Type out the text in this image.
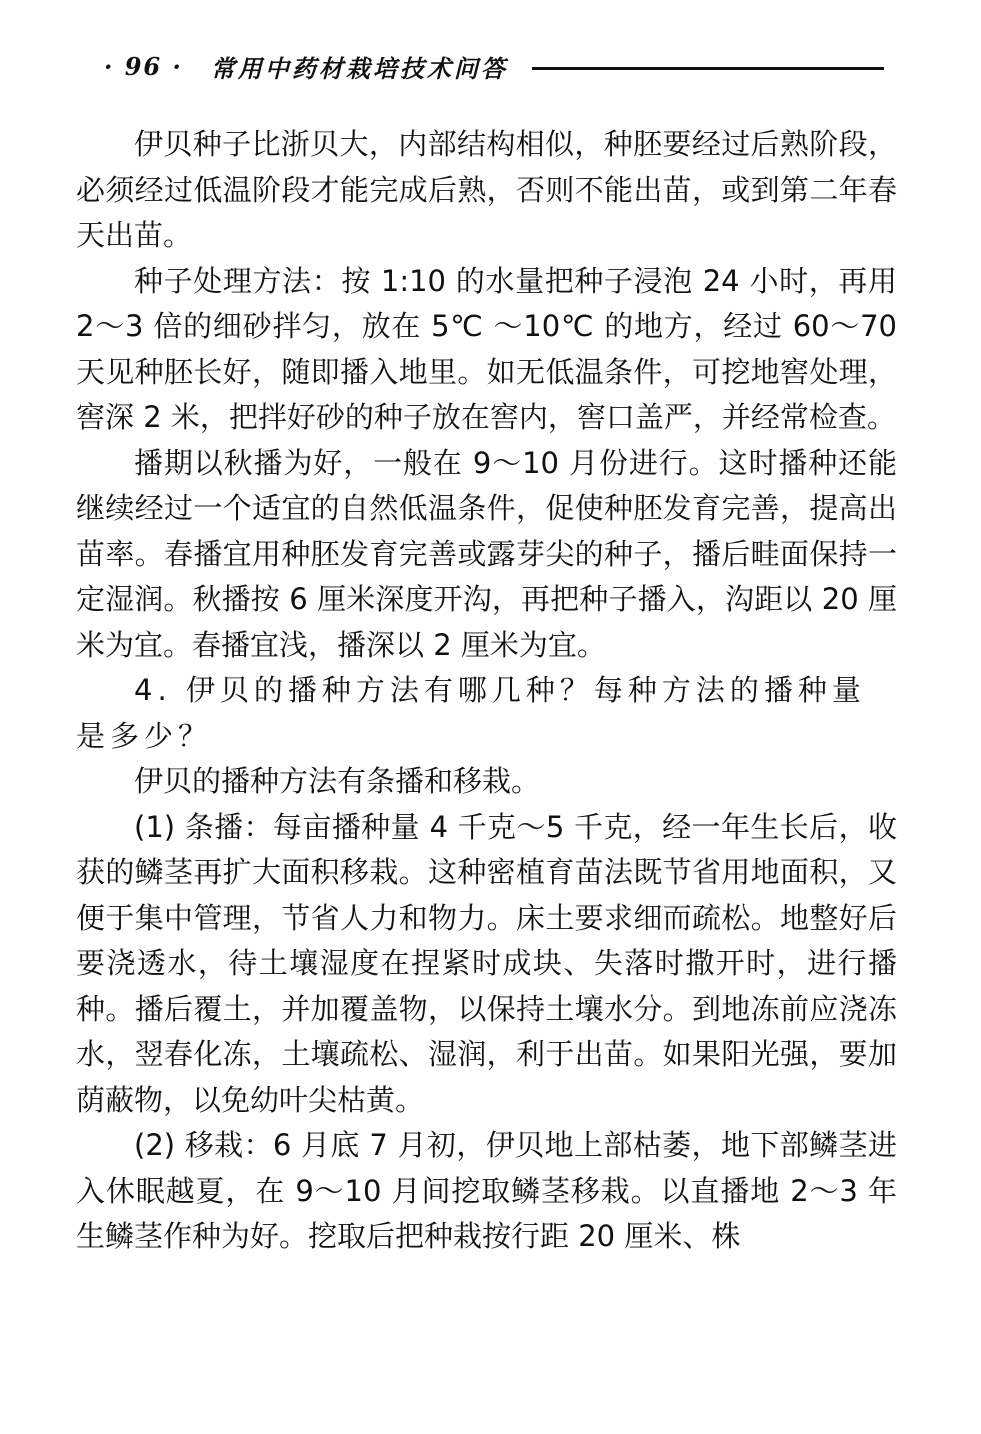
· 96 · 常用中药材栽培技术问答

伊贝种子比浙贝大，内部结构相似，种胚要经过后熟阶段，必须经过低温阶段才能完成后熟，否则不能出苗，或到第二年春天出苗。

种子处理方法：按 1:10 的水量把种子浸泡 24 小时，再用2～3 倍的细砂拌匀，放在 5℃ ～10℃ 的地方，经过 60～70 天见种胚长好，随即播入地里。如无低温条件，可挖地窖处理，窖深 2 米，把拌好砂的种子放在窖内，窖口盖严，并经常检查。

播期以秋播为好，一般在 9～10 月份进行。这时播种还能继续经过一个适宜的自然低温条件，促使种胚发育完善，提高出苗率。春播宜用种胚发育完善或露芽尖的种子，播后畦面保持一定湿润。秋播按 6 厘米深度开沟，再把种子播入，沟距以 20 厘米为宜。春播宜浅，播深以 2 厘米为宜。

4. 伊贝的播种方法有哪几种？每种方法的播种量是多少？

伊贝的播种方法有条播和移栽。

(1) 条播：每亩播种量 4 千克～5 千克，经一年生长后，收获的鳞茎再扩大面积移栽。这种密植育苗法既节省用地面积，又便于集中管理，节省人力和物力。床土要求细而疏松。地整好后要浇透水，待土壤湿度在捏紧时成块、失落时撒开时，进行播种。播后覆土，并加覆盖物，以保持土壤水分。到地冻前应浇冻水，翌春化冻，土壤疏松、湿润，利于出苗。如果阳光强，要加荫蔽物，以免幼叶尖枯黄。

(2) 移栽：6 月底 7 月初，伊贝地上部枯萎，地下部鳞茎进入休眠越夏，在 9～10 月间挖取鳞茎移栽。以直播地 2～3 年生鳞茎作种为好。挖取后把种栽按行距 20 厘米、株
